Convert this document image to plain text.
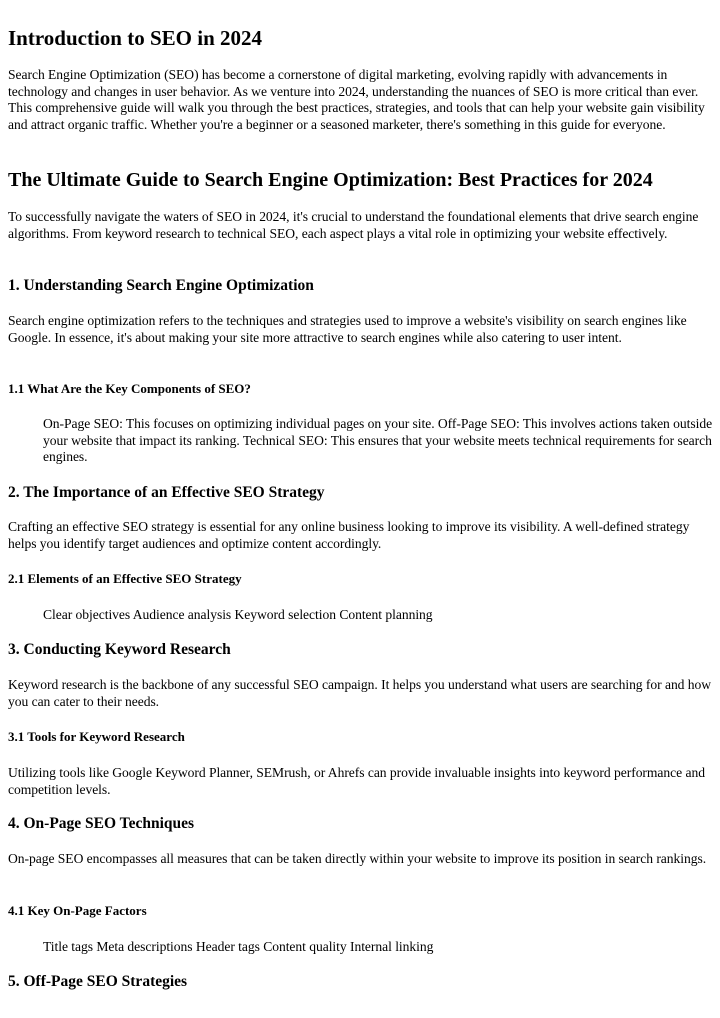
Introduction to SEO in 2024

Search Engine Optimization (SEO) has become a cornerstone of digital marketing, evolving rapidly with advancements in technology and changes in user behavior. As we venture into 2024, understanding the nuances of SEO is more critical than ever. This comprehensive guide will walk you through the best practices, strategies, and tools that can help your website gain visibility and attract organic traffic. Whether you're a beginner or a seasoned marketer, there's something in this guide for everyone.

The Ultimate Guide to Search Engine Optimization: Best Practices for 2024

To successfully navigate the waters of SEO in 2024, it's crucial to understand the foundational elements that drive search engine algorithms. From keyword research to technical SEO, each aspect plays a vital role in optimizing your website effectively.

1. Understanding Search Engine Optimization

Search engine optimization refers to the techniques and strategies used to improve a website's visibility on search engines like Google. In essence, it's about making your site more attractive to search engines while also catering to user intent.

1.1 What Are the Key Components of SEO?
On-Page SEO: This focuses on optimizing individual pages on your site. Off-Page SEO: This involves actions taken outside your website that impact its ranking. Technical SEO: This ensures that your website meets technical requirements for search engines.
2. The Importance of an Effective SEO Strategy

Crafting an effective SEO strategy is essential for any online business looking to improve its visibility. A well-defined strategy helps you identify target audiences and optimize content accordingly.

2.1 Elements of an Effective SEO Strategy
Clear objectives Audience analysis Keyword selection Content planning
3. Conducting Keyword Research

Keyword research is the backbone of any successful SEO campaign. It helps you understand what users are searching for and how you can cater to their needs.

3.1 Tools for Keyword Research

Utilizing tools like Google Keyword Planner, SEMrush, or Ahrefs can provide invaluable insights into keyword performance and competition levels.

4. On-Page SEO Techniques

On-page SEO encompasses all measures that can be taken directly within your website to improve its position in search rankings.

4.1 Key On-Page Factors
Title tags Meta descriptions Header tags Content quality Internal linking
5. Off-Page SEO Strategies
